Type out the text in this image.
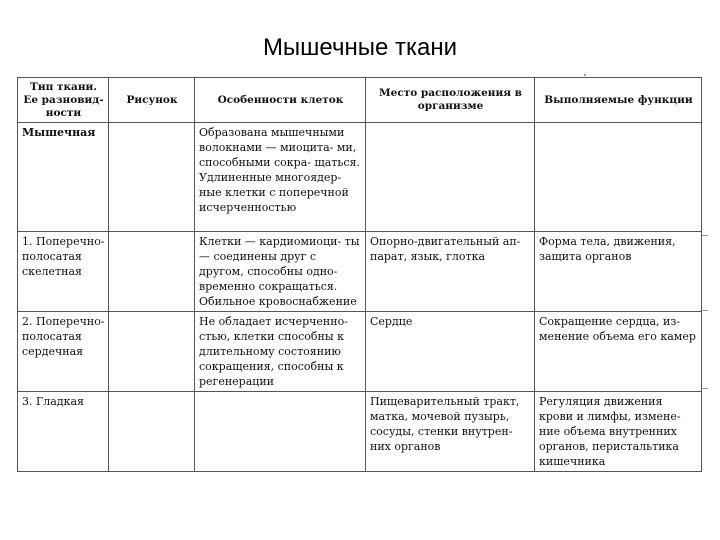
Мышечные ткани
Тип ткани. Ее разновид- ности	Рисунок	Особенности клеток	Место расположения в организме	Выполняемые функции
Мышечная		Образована мышечными волокнами — миоцита- ми, способными сокра- щаться. Удлиненные многоядер- ные клетки с поперечной исчерченностью		
1. Поперечно- полосатая скелетная		Клетки — кардиомиоци- ты — соединены друг с другом, способны одно- временно сокращаться. Обильное кровоснабжение	Опорно-двигательный ап- парат, язык, глотка	Форма тела, движения, защита органов
2. Поперечно- полосатая сердечная		Не обладает исчерченно- стью, клетки способны к длительному состоянию сокращения, способны к регенерации	Сердце	Сокращение сердца, из- менение объема его камер
3. Гладкая			Пищеварительный тракт, матка, мочевой пузырь, сосуды, стенки внутрен- них органов	Регуляция движения крови и лимфы, измене- ние объема внутренних органов, перистальтика кишечника
